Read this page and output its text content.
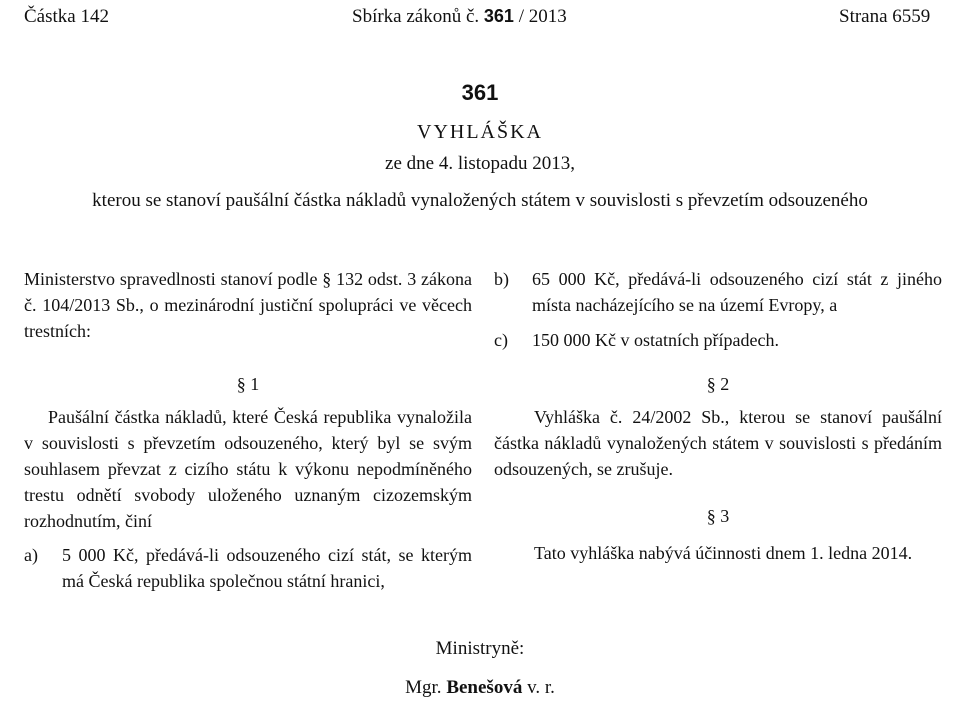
Částka 142	Sbírka zákonů č. 361 / 2013	Strana 6559
361
VYHLÁŠKA
ze dne 4. listopadu 2013,
kterou se stanoví paušální částka nákladů vynaložených státem v souvislosti s převzetím odsouzeného
Ministerstvo spravedlnosti stanoví podle § 132 odst. 3 zákona č. 104/2013 Sb., o mezinárodní justiční spolupráci ve věcech trestních:
§ 1
Paušální částka nákladů, které Česká republika vynaložila v souvislosti s převzetím odsouzeného, který byl se svým souhlasem převzat z cizího státu k výkonu nepodmíněného trestu odnětí svobody uloženého uznaným cizozemským rozhodnutím, činí
a) 5 000 Kč, předává-li odsouzeného cizí stát, se kterým má Česká republika společnou státní hranici,
b) 65 000 Kč, předává-li odsouzeného cizí stát z jiného místa nacházejícího se na území Evropy, a
c) 150 000 Kč v ostatních případech.
§ 2
Vyhláška č. 24/2002 Sb., kterou se stanoví paušální částka nákladů vynaložených státem v souvislosti s předáním odsouzených, se zrušuje.
§ 3
Tato vyhláška nabývá účinnosti dnem 1. ledna 2014.
Ministryně:
Mgr. Benešová v. r.
